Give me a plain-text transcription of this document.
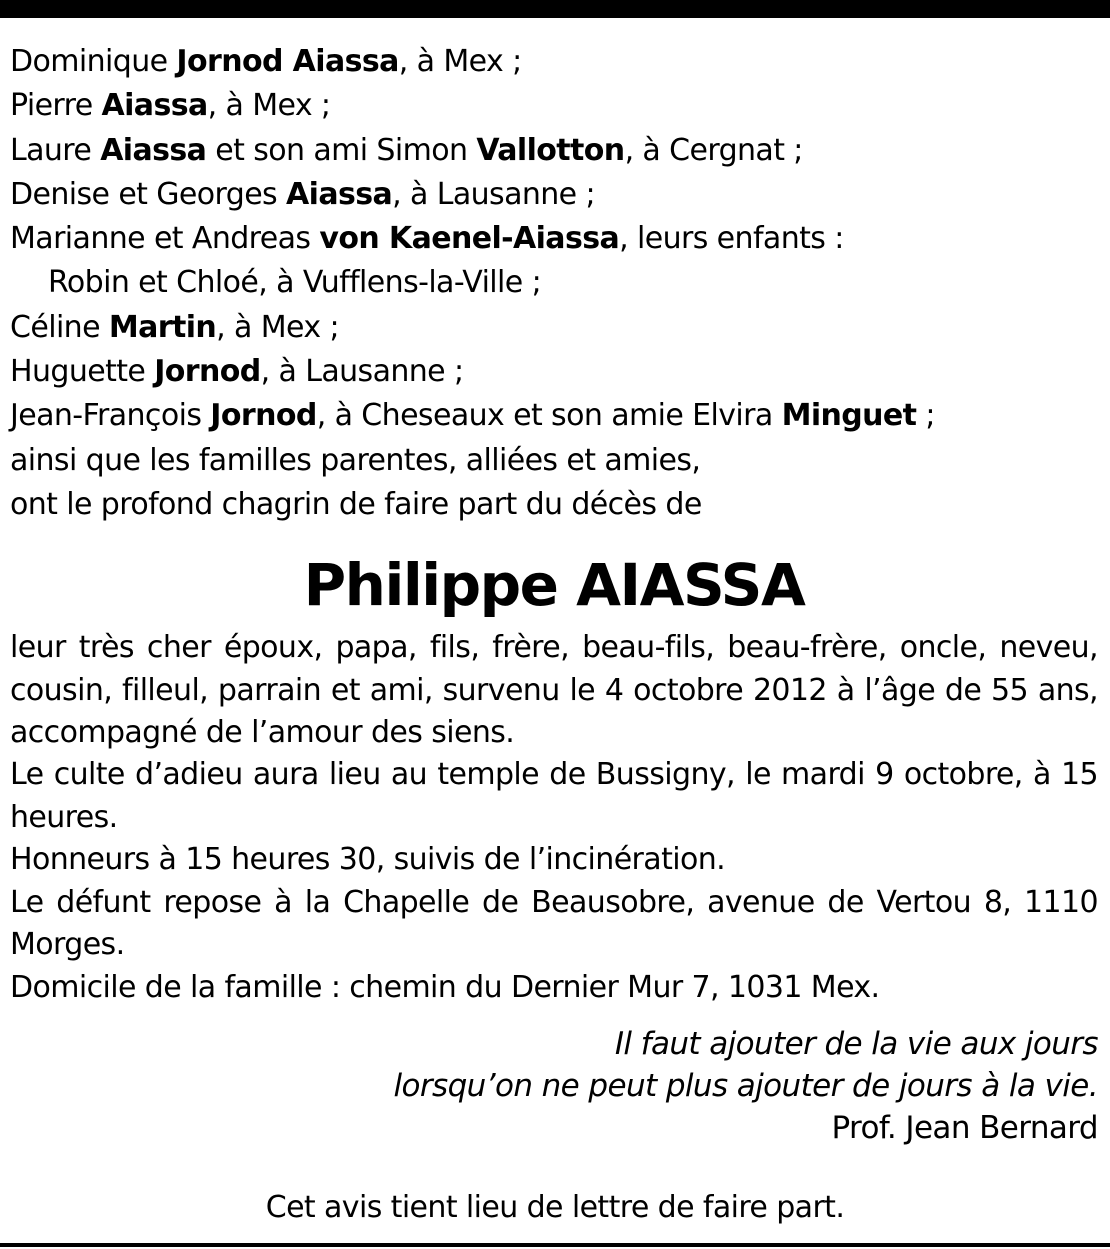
Dominique Jornod Aiassa, à Mex ;
Pierre Aiassa, à Mex ;
Laure Aiassa et son ami Simon Vallotton, à Cergnat ;
Denise et Georges Aiassa, à Lausanne ;
Marianne et Andreas von Kaenel-Aiassa, leurs enfants :
Robin et Chloé, à Vufflens-la-Ville ;
Céline Martin, à Mex ;
Huguette Jornod, à Lausanne ;
Jean-François Jornod, à Cheseaux et son amie Elvira Minguet ;
ainsi que les familles parentes, alliées et amies,
ont le profond chagrin de faire part du décès de
Philippe AIASSA
leur très cher époux, papa, fils, frère, beau-fils, beau-frère, oncle, neveu, cousin, filleul, parrain et ami, survenu le 4 octobre 2012 à l’âge de 55 ans, accompagné de l’amour des siens.
Le culte d’adieu aura lieu au temple de Bussigny, le mardi 9 octobre, à 15 heures.
Honneurs à 15 heures 30, suivis de l’incinération.
Le défunt repose à la Chapelle de Beausobre, avenue de Vertou 8, 1110 Morges.
Domicile de la famille : chemin du Dernier Mur 7, 1031 Mex.
Il faut ajouter de la vie aux jours
lorsqu’on ne peut plus ajouter de jours à la vie.
Prof. Jean Bernard
Cet avis tient lieu de lettre de faire part.
